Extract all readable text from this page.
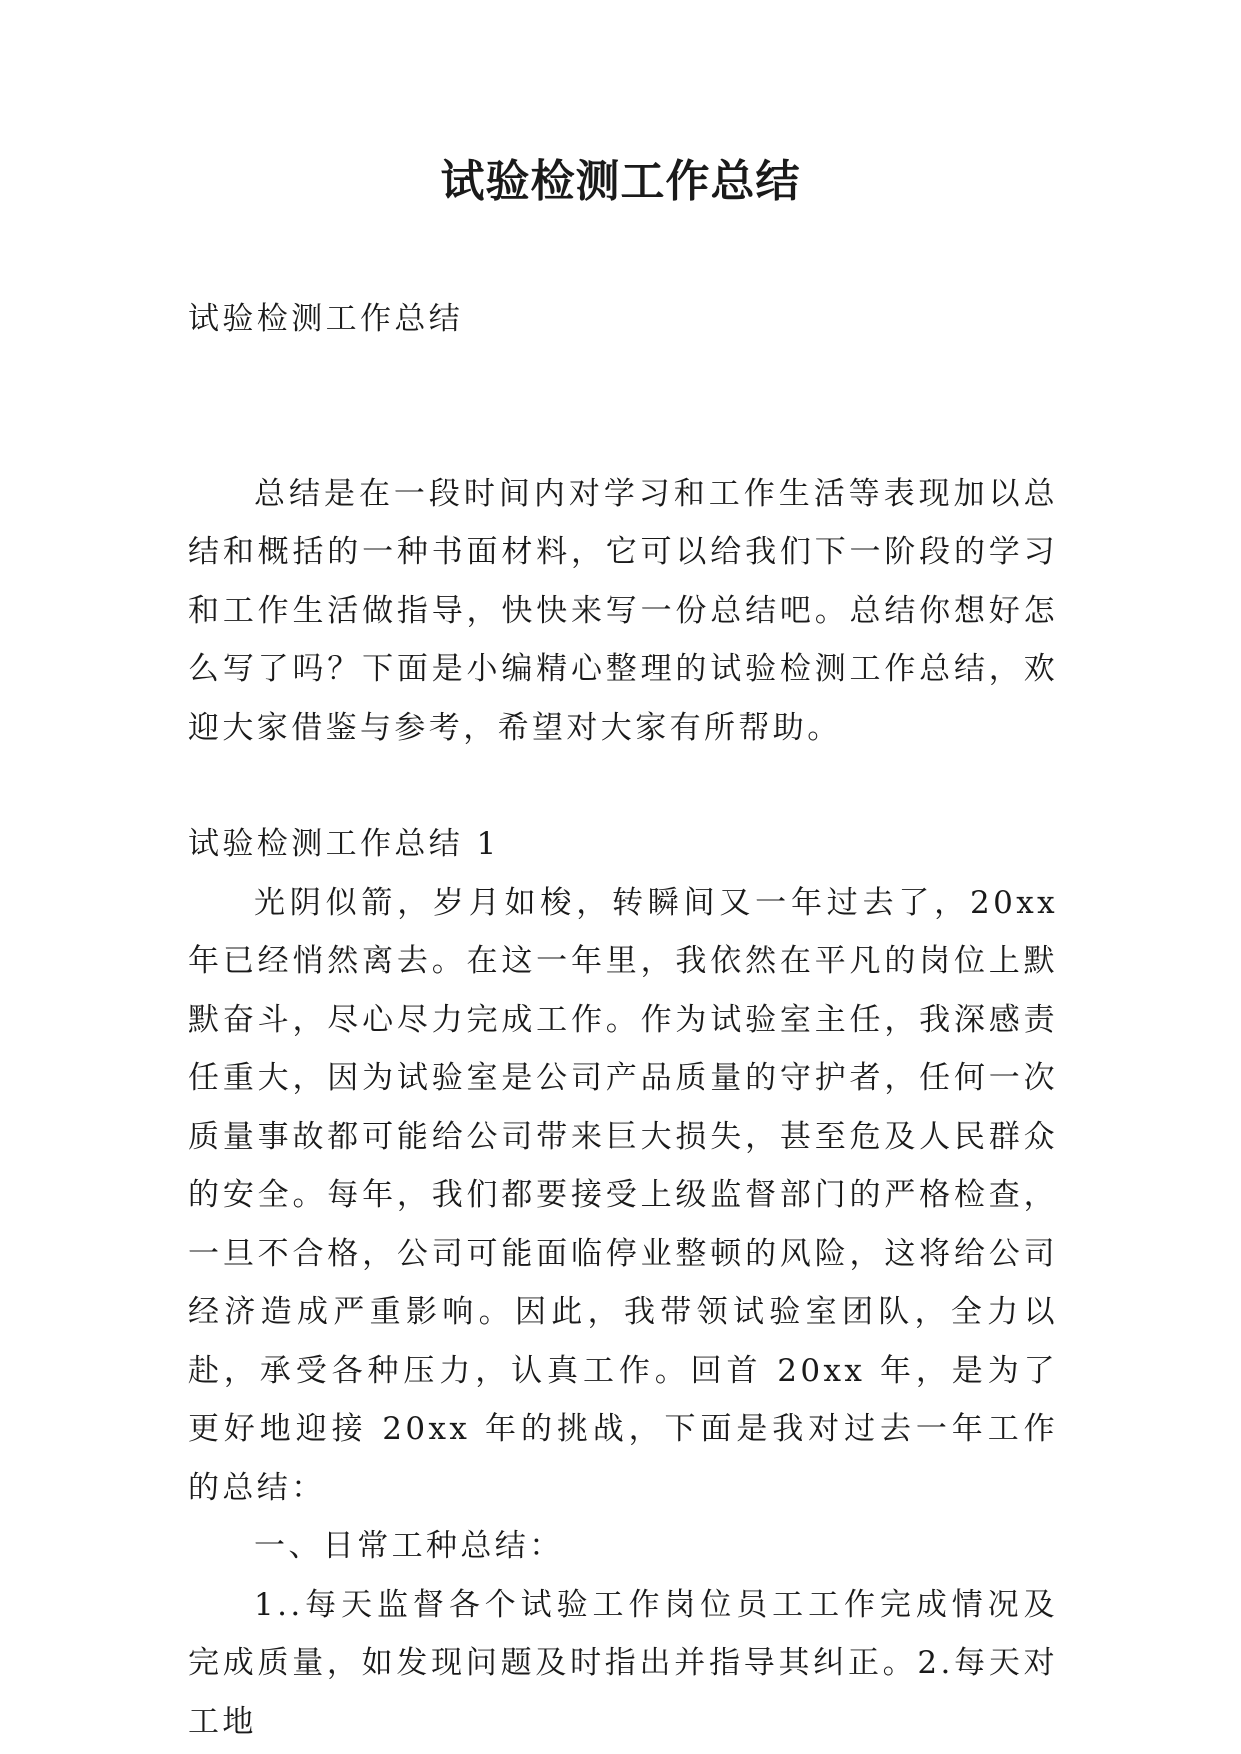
试验检测工作总结

试验检测工作总结

总结是在一段时间内对学习和工作生活等表现加以总结和概括的一种书面材料，它可以给我们下一阶段的学习和工作生活做指导，快快来写一份总结吧。总结你想好怎么写了吗？下面是小编精心整理的试验检测工作总结，欢迎大家借鉴与参考，希望对大家有所帮助。

试验检测工作总结 1

光阴似箭，岁月如梭，转瞬间又一年过去了，20xx 年已经悄然离去。在这一年里，我依然在平凡的岗位上默默奋斗，尽心尽力完成工作。作为试验室主任，我深感责任重大，因为试验室是公司产品质量的守护者，任何一次质量事故都可能给公司带来巨大损失，甚至危及人民群众的安全。每年，我们都要接受上级监督部门的严格检查，一旦不合格，公司可能面临停业整顿的风险，这将给公司经济造成严重影响。因此，我带领试验室团队，全力以赴，承受各种压力，认真工作。回首 20xx 年，是为了更好地迎接 20xx 年的挑战，下面是我对过去一年工作的总结：

一、日常工种总结：

1..每天监督各个试验工作岗位员工工作完成情况及完成质量，如发现问题及时指出并指导其纠正。2.每天对工地
